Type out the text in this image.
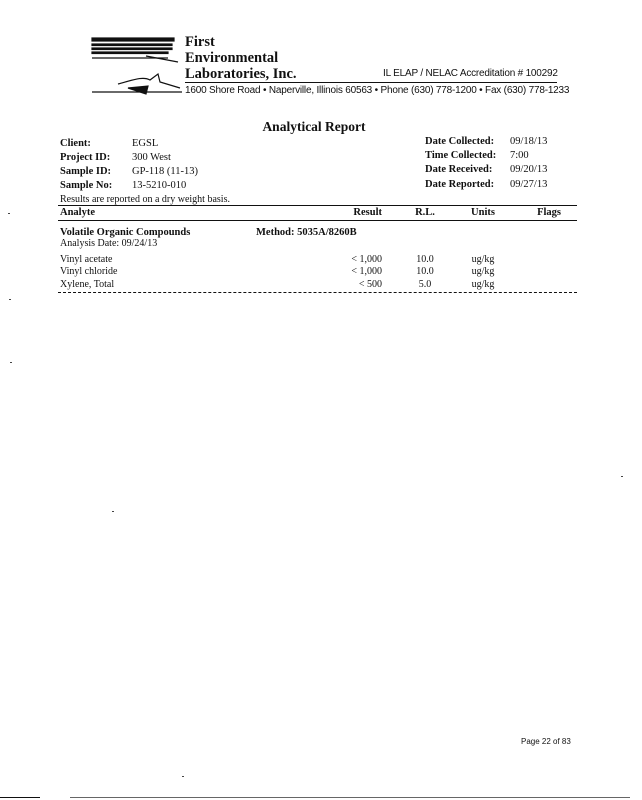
First
Environmental
Laboratories, Inc.	IL ELAP / NELAC Accreditation # 100292
1600 Shore Road • Naperville, Illinois 60563 • Phone (630) 778-1200 • Fax (630) 778-1233
Analytical Report
Client:	EGSL
Project ID: 300 West
Sample ID: GP-118 (11-13)
Sample No: 13-5210-010
Date Collected: 09/18/13
Time Collected: 7:00
Date Received: 09/20/13
Date Reported: 09/27/13
Results are reported on a dry weight basis.
Analyte	Result	R.L.	Units	Flags
Volatile Organic Compounds	Method: 5035A/8260B
Analysis Date: 09/24/13
Vinyl acetate	< 1,000	10.0	ug/kg
Vinyl chloride	< 1,000	10.0	ug/kg
Xylene, Total	< 500	5.0	ug/kg
Page 22 of 83
